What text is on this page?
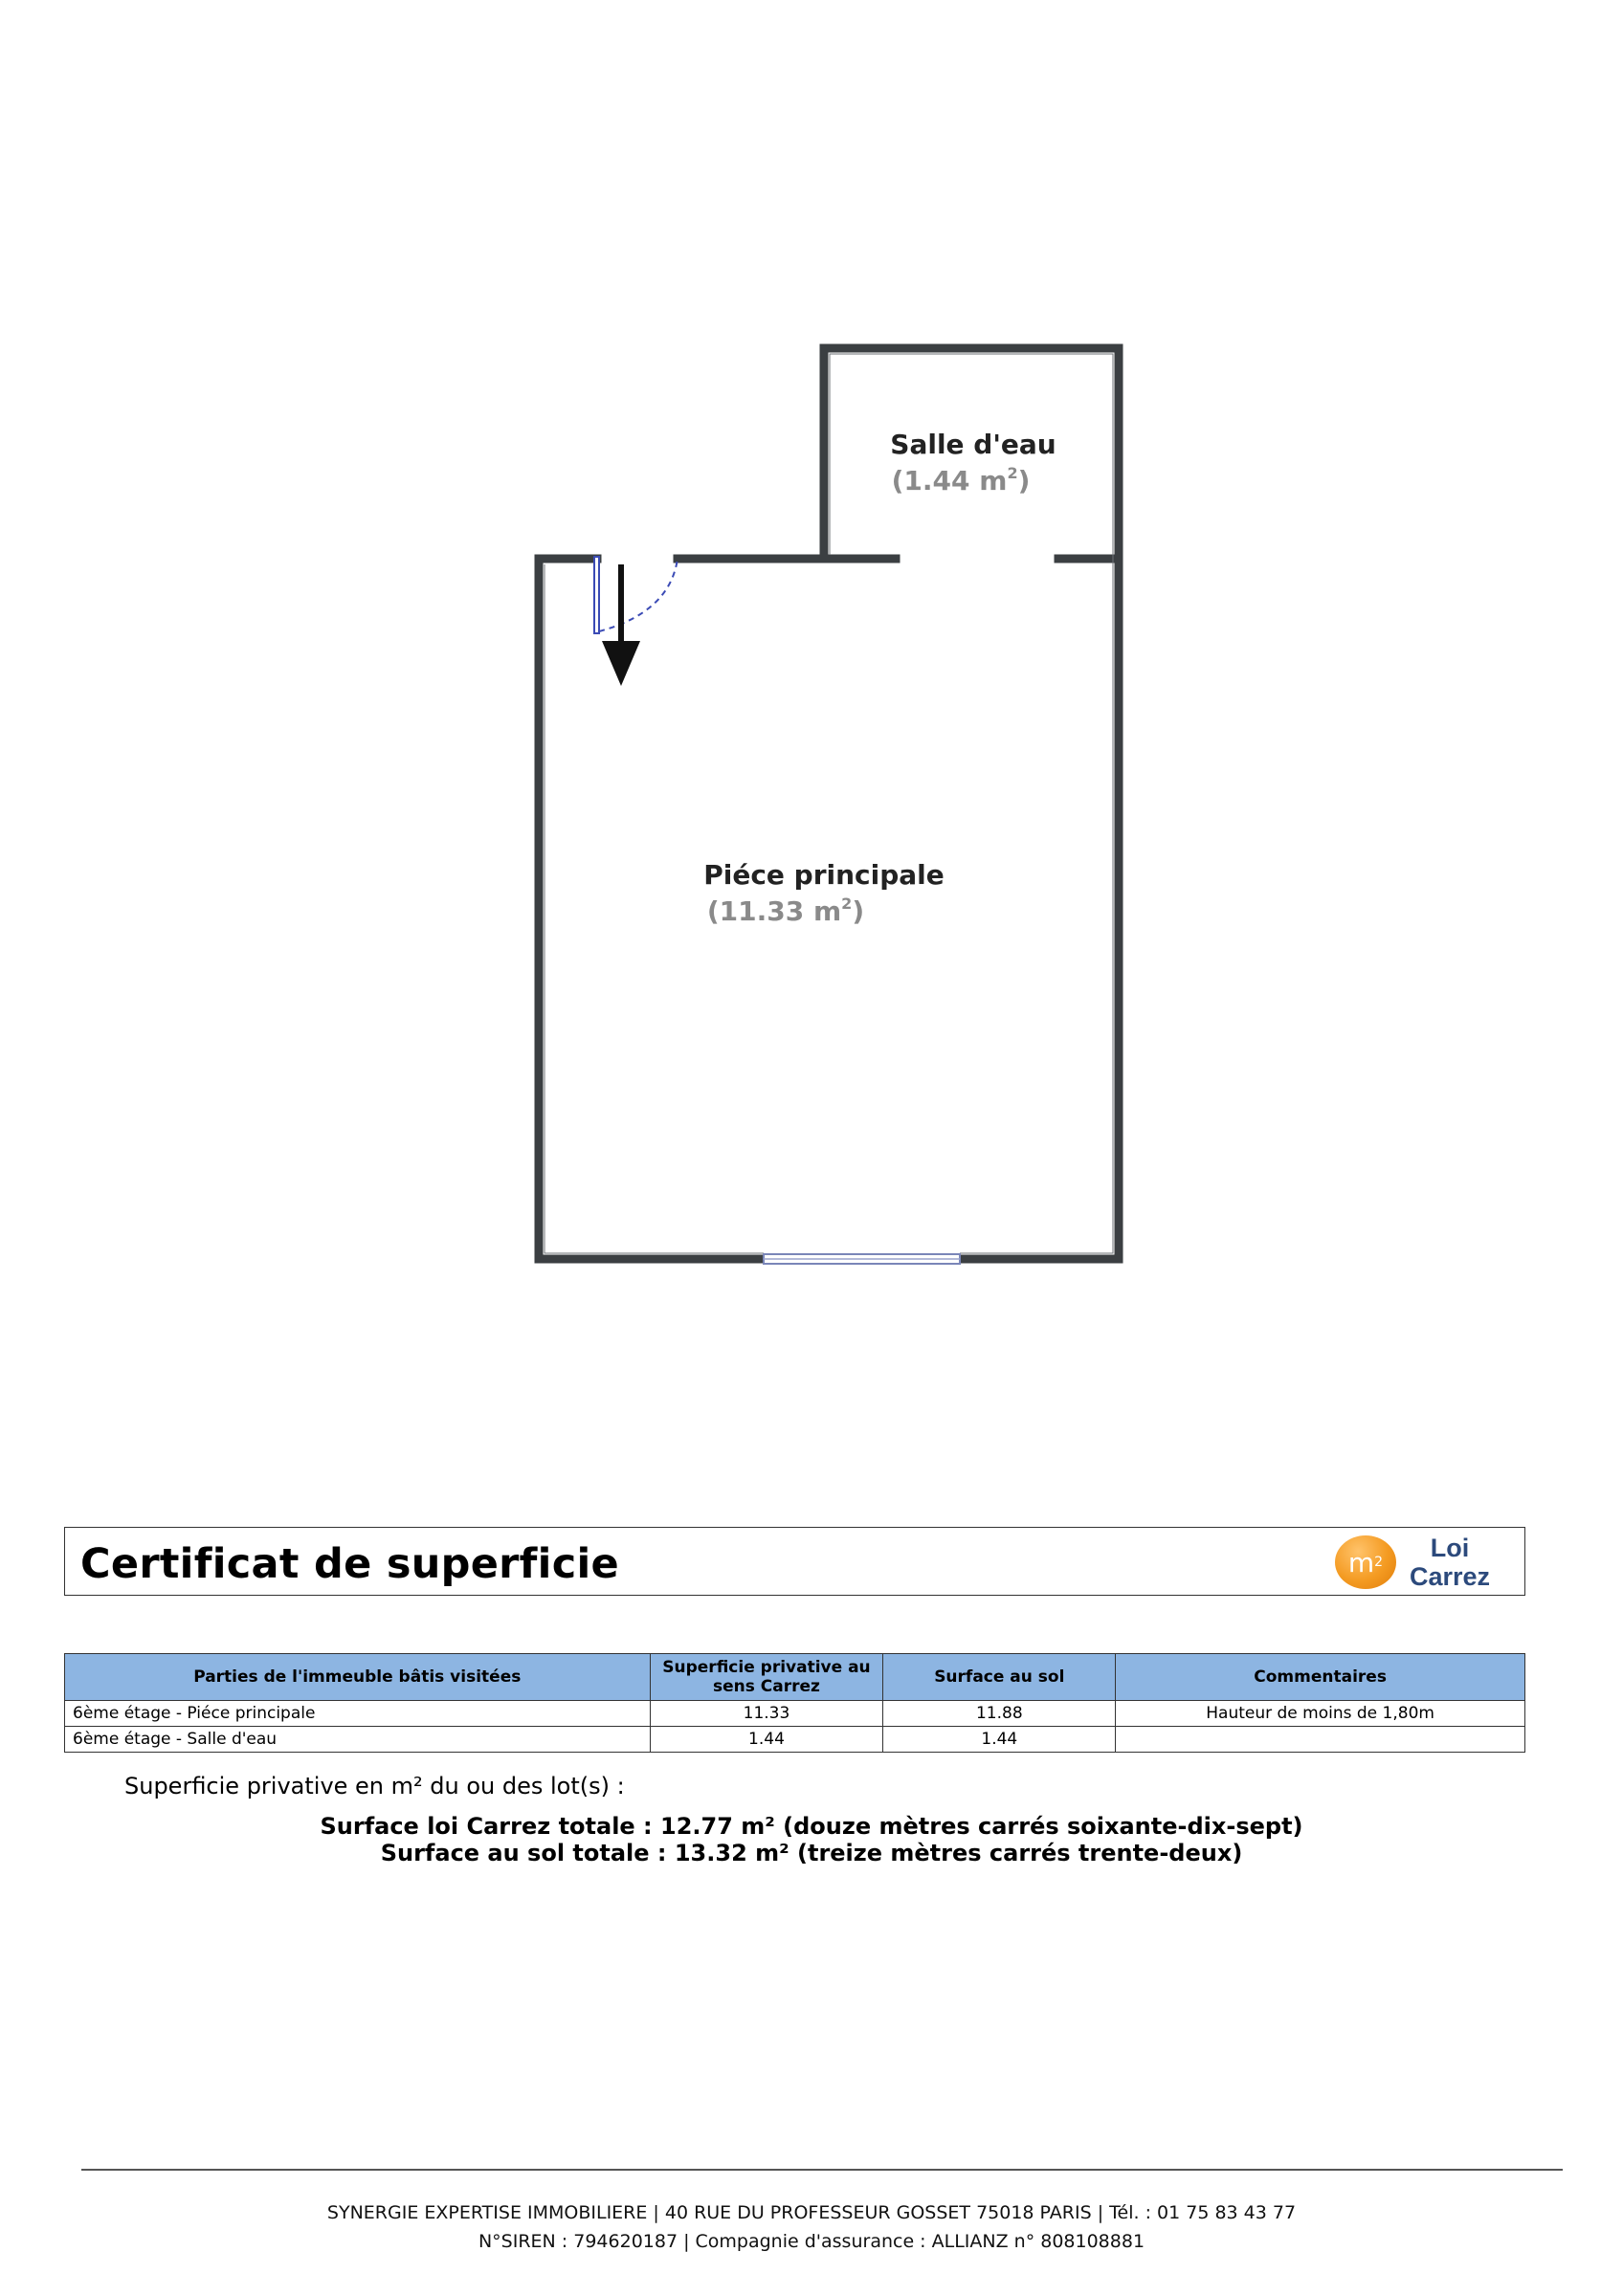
Salle d'eau
(1.44 $m^2$)
Piéce principale
(11.33 $m^2$)
Certificat de superficie	m 2	Loi
Carrez
Parties de l'immeuble bâtis visitées	Superficie privative au sens Carrez	Surface au sol	Commentaires
6ème étage - Piéce principale	11.33	11.88	Hauteur de moins de 1,80m
6ème étage - Salle d'eau	1.44	1.44	
Superficie privative en m² du ou des lot(s) :
Surface loi Carrez totale : 12.77 m² (douze mètres carrés soixante-dix-sept)
Surface au sol totale : 13.32 m² (treize mètres carrés trente-deux)
SYNERGIE EXPERTISE IMMOBILIERE | 40 RUE DU PROFESSEUR GOSSET 75018 PARIS | Tél. : 01 75 83 43 77
N°SIREN : 794620187 | Compagnie d'assurance : ALLIANZ n° 808108881
